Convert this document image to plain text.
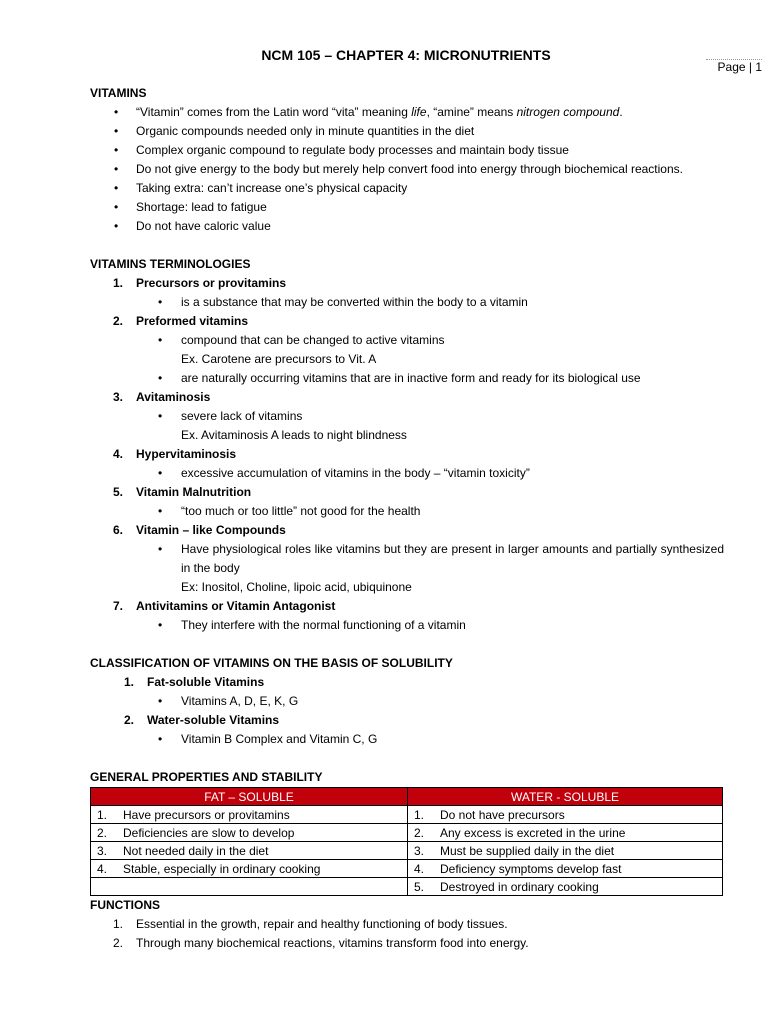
Page | 1
NCM 105 – CHAPTER 4: MICRONUTRIENTS
VITAMINS
• “Vitamin” comes from the Latin word “vita” meaning life, “amine” means nitrogen compound.
• Organic compounds needed only in minute quantities in the diet
• Complex organic compound to regulate body processes and maintain body tissue
• Do not give energy to the body but merely help convert food into energy through biochemical reactions.
• Taking extra: can’t increase one’s physical capacity
• Shortage: lead to fatigue
• Do not have caloric value
VITAMINS TERMINOLOGIES
1. Precursors or provitamins
• is a substance that may be converted within the body to a vitamin
2. Preformed vitamins
• compound that can be changed to active vitamins
Ex. Carotene are precursors to Vit. A
• are naturally occurring vitamins that are in inactive form and ready for its biological use
3. Avitaminosis
• severe lack of vitamins
Ex. Avitaminosis A leads to night blindness
4. Hypervitaminosis
• excessive accumulation of vitamins in the body – “vitamin toxicity”
5. Vitamin Malnutrition
• “too much or too little” not good for the health
6. Vitamin – like Compounds
• Have physiological roles like vitamins but they are present in larger amounts and partially synthesized in the body
Ex: Inositol, Choline, lipoic acid, ubiquinone
7. Antivitamins or Vitamin Antagonist
• They interfere with the normal functioning of a vitamin
CLASSIFICATION OF VITAMINS ON THE BASIS OF SOLUBILITY
1. Fat-soluble Vitamins
• Vitamins A, D, E, K, G
2. Water-soluble Vitamins
• Vitamin B Complex and Vitamin C, G
GENERAL PROPERTIES AND STABILITY
FAT – SOLUBLE	WATER - SOLUBLE
1. Have precursors or provitamins	1. Do not have precursors
2. Deficiencies are slow to develop	2. Any excess is excreted in the urine
3. Not needed daily in the diet	3. Must be supplied daily in the diet
4. Stable, especially in ordinary cooking	4. Deficiency symptoms develop fast
	5. Destroyed in ordinary cooking
FUNCTIONS
1. Essential in the growth, repair and healthy functioning of body tissues.
2. Through many biochemical reactions, vitamins transform food into energy.
